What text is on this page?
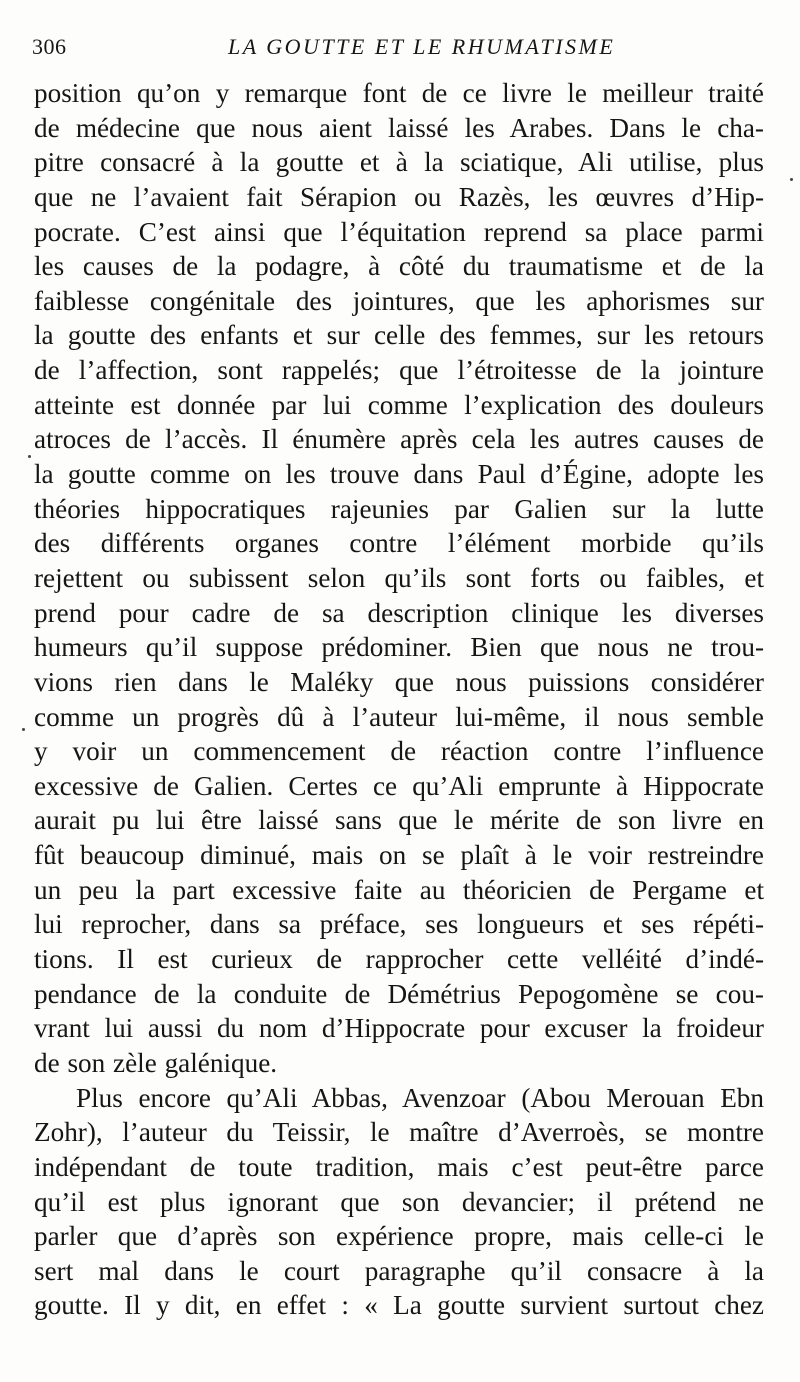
306	LA GOUTTE ET LE RHUMATISME
position qu’on y remarque font de ce livre le meilleur traité
de médecine que nous aient laissé les Arabes. Dans le cha-
pitre consacré à la goutte et à la sciatique, Ali utilise, plus
que ne l’avaient fait Sérapion ou Razès, les œuvres d’Hip-
pocrate. C’est ainsi que l’équitation reprend sa place parmi
les causes de la podagre, à côté du traumatisme et de la
faiblesse congénitale des jointures, que les aphorismes sur
la goutte des enfants et sur celle des femmes, sur les retours
de l’affection, sont rappelés; que l’étroitesse de la jointure
atteinte est donnée par lui comme l’explication des douleurs
atroces de l’accès. Il énumère après cela les autres causes de
la goutte comme on les trouve dans Paul d’Égine, adopte les
théories hippocratiques rajeunies par Galien sur la lutte
des différents organes contre l’élément morbide qu’ils
rejettent ou subissent selon qu’ils sont forts ou faibles, et
prend pour cadre de sa description clinique les diverses
humeurs qu’il suppose prédominer. Bien que nous ne trou-
vions rien dans le Maléky que nous puissions considérer
comme un progrès dû à l’auteur lui-même, il nous semble
y voir un commencement de réaction contre l’influence
excessive de Galien. Certes ce qu’Ali emprunte à Hippocrate
aurait pu lui être laissé sans que le mérite de son livre en
fût beaucoup diminué, mais on se plaît à le voir restreindre
un peu la part excessive faite au théoricien de Pergame et
lui reprocher, dans sa préface, ses longueurs et ses répéti-
tions. Il est curieux de rapprocher cette velléité d’indé-
pendance de la conduite de Démétrius Pepogomène se cou-
vrant lui aussi du nom d’Hippocrate pour excuser la froideur
de son zèle galénique.
Plus encore qu’Ali Abbas, Avenzoar (Abou Merouan Ebn
Zohr), l’auteur du Teissir, le maître d’Averroès, se montre
indépendant de toute tradition, mais c’est peut-être parce
qu’il est plus ignorant que son devancier; il prétend ne
parler que d’après son expérience propre, mais celle-ci le
sert mal dans le court paragraphe qu’il consacre à la
goutte. Il y dit, en effet : « La goutte survient surtout chez
